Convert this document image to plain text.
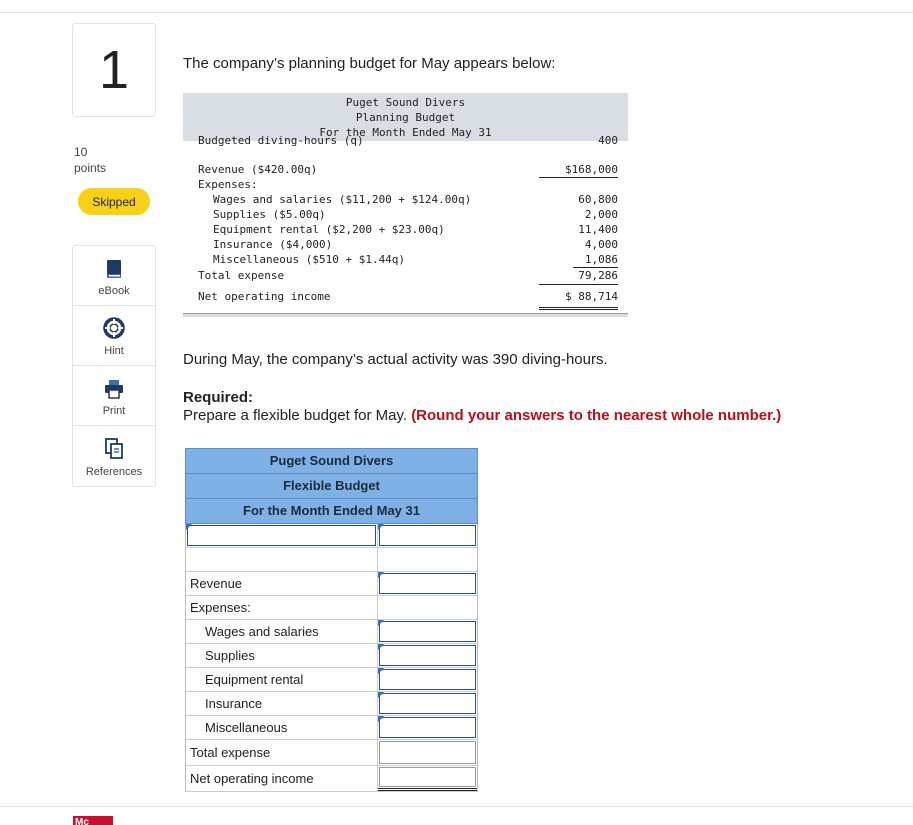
1
10
points
Skipped
eBook
Hint
Print
References
The company’s planning budget for May appears below:
Puget Sound Divers
Planning Budget
For the Month Ended May 31
Budgeted diving-hours (q)	400
Revenue ($420.00q)	$168,000
Expenses:
Wages and salaries ($11,200 + $124.00q)	60,800
Supplies ($5.00q)	2,000
Equipment rental ($2,200 + $23.00q)	11,400
Insurance ($4,000)	4,000
Miscellaneous ($510 + $1.44q)	1,086
Total expense	79,286
Net operating income	$ 88,714
During May, the company’s actual activity was 390 diving-hours.
Required:
Prepare a flexible budget for May. (Round your answers to the nearest whole number.)
Puget Sound Divers
Flexible Budget
For the Month Ended May 31
Revenue
Expenses:
Wages and salaries
Supplies
Equipment rental
Insurance
Miscellaneous
Total expense
Net operating income
Mc
